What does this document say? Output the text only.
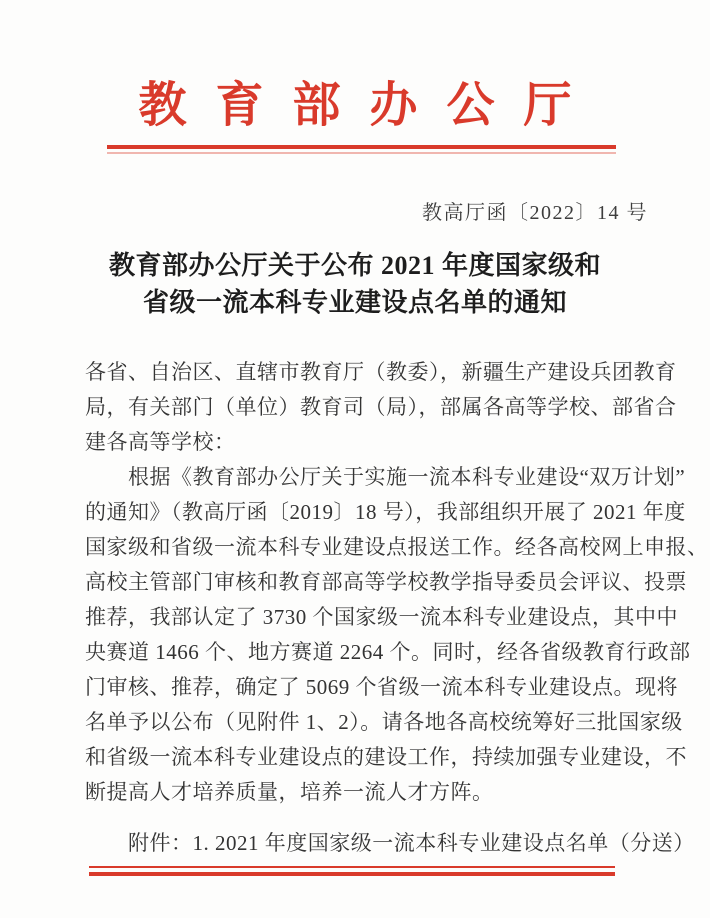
教育部办公厅
教高厅函〔2022〕14 号
教育部办公厅关于公布 2021 年度国家级和
省级一流本科专业建设点名单的通知
各省、自治区、直辖市教育厅（教委），新疆生产建设兵团教育
局，有关部门（单位）教育司（局），部属各高等学校、部省合
建各高等学校：
　　根据《教育部办公厅关于实施一流本科专业建设“双万计划”
的通知》（教高厅函〔2019〕18 号），我部组织开展了 2021 年度
国家级和省级一流本科专业建设点报送工作。经各高校网上申报、
高校主管部门审核和教育部高等学校教学指导委员会评议、投票
推荐，我部认定了 3730 个国家级一流本科专业建设点，其中中
央赛道 1466 个、地方赛道 2264 个。同时，经各省级教育行政部
门审核、推荐，确定了 5069 个省级一流本科专业建设点。现将
名单予以公布（见附件 1、2）。请各地各高校统筹好三批国家级
和省级一流本科专业建设点的建设工作，持续加强专业建设，不
断提高人才培养质量，培养一流人才方阵。
　　附件：1. 2021 年度国家级一流本科专业建设点名单（分送）
